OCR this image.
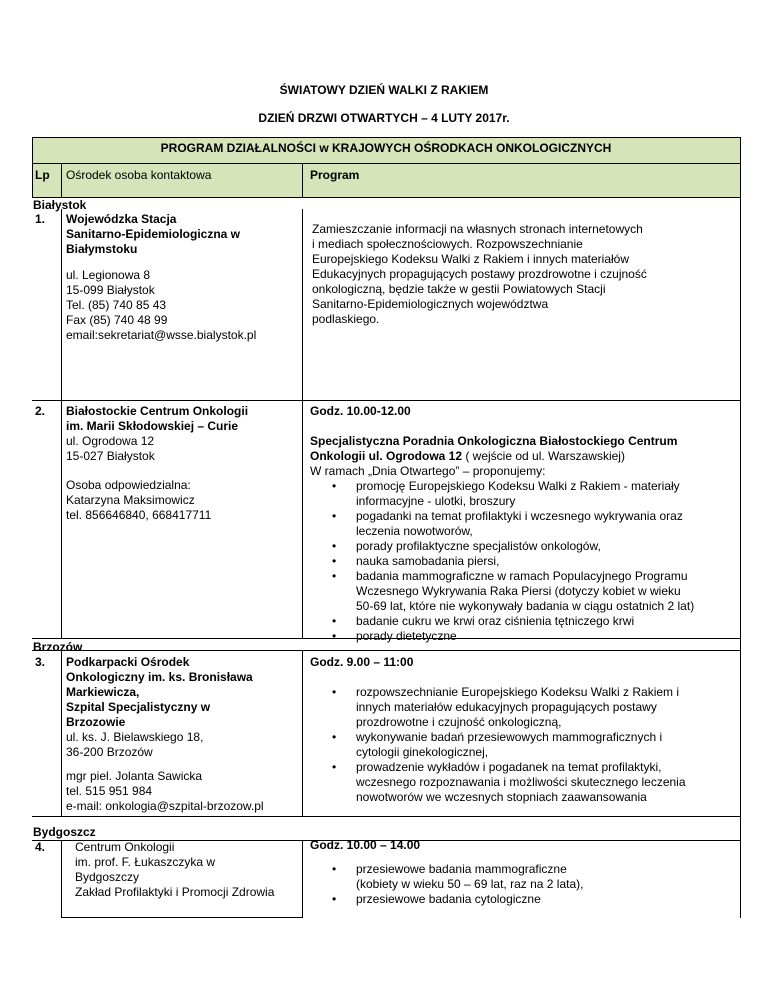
ŚWIATOWY DZIEŃ WALKI Z RAKIEM
DZIEŃ DRZWI OTWARTYCH – 4 LUTY 2017r.
PROGRAM DZIAŁALNOŚCI w KRAJOWYCH OŚRODKACH ONKOLOGICZNYCH
Lp Ośrodek osoba kontaktowa	Program
Białystok
1. Wojewódzka Stacja
Sanitarno-Epidemiologiczna w
Białymstoku
ul. Legionowa 8
15-099 Białystok
Tel. (85) 740 85 43
Fax (85) 740 48 99
email:sekretariat@wsse.bialystok.pl
Zamieszczanie informacji na własnych stronach internetowych
i mediach społecznościowych. Rozpowszechnianie
Europejskiego Kodeksu Walki z Rakiem i innych materiałów
Edukacyjnych propagujących postawy prozdrowotne i czujność
onkologiczną, będzie także w gestii Powiatowych Stacji
Sanitarno-Epidemiologicznych województwa
podlaskiego.
2. Białostockie Centrum Onkologii
im. Marii Skłodowskiej – Curie
ul. Ogrodowa 12
15-027 Białystok
Osoba odpowiedzialna:
Katarzyna Maksimowicz
tel. 856646840, 668417711
Godz. 10.00-12.00
Specjalistyczna Poradnia Onkologiczna Białostockiego Centrum
Onkologii ul. Ogrodowa 12 ( wejście od ul. Warszawskiej)
W ramach „Dnia Otwartego” – proponujemy:
• promocję Europejskiego Kodeksu Walki z Rakiem - materiały
informacyjne - ulotki, broszury
• pogadanki na temat profilaktyki i wczesnego wykrywania oraz
leczenia nowotworów,
• porady profilaktyczne specjalistów onkologów,
• nauka samobadania piersi,
• badania mammograficzne w ramach Populacyjnego Programu
Wczesnego Wykrywania Raka Piersi (dotyczy kobiet w wieku
50-69 lat, które nie wykonywały badania w ciągu ostatnich 2 lat)
• badanie cukru we krwi oraz ciśnienia tętniczego krwi
• porady dietetyczne
Brzozów
3. Podkarpacki Ośrodek
Onkologiczny im. ks. Bronisława
Markiewicza,
Szpital Specjalistyczny w
Brzozowie
ul. ks. J. Bielawskiego 18,
36-200 Brzozów
mgr piel. Jolanta Sawicka
tel. 515 951 984
e-mail: onkologia@szpital-brzozow.pl
Godz. 9.00 – 11:00
• rozpowszechnianie Europejskiego Kodeksu Walki z Rakiem i
innych materiałów edukacyjnych propagujących postawy
prozdrowotne i czujność onkologiczną,
• wykonywanie badań przesiewowych mammograficznych i
cytologii ginekologicznej,
• prowadzenie wykładów i pogadanek na temat profilaktyki,
wczesnego rozpoznawania i możliwości skutecznego leczenia
nowotworów we wczesnych stopniach zaawansowania
Bydgoszcz
4. Centrum Onkologii
im. prof. F. Łukaszczyka w
Bydgoszczy
Zakład Profilaktyki i Promocji Zdrowia
Godz. 10.00 – 14.00
• przesiewowe badania mammograficzne
(kobiety w wieku 50 – 69 lat, raz na 2 lata),
• przesiewowe badania cytologiczne
